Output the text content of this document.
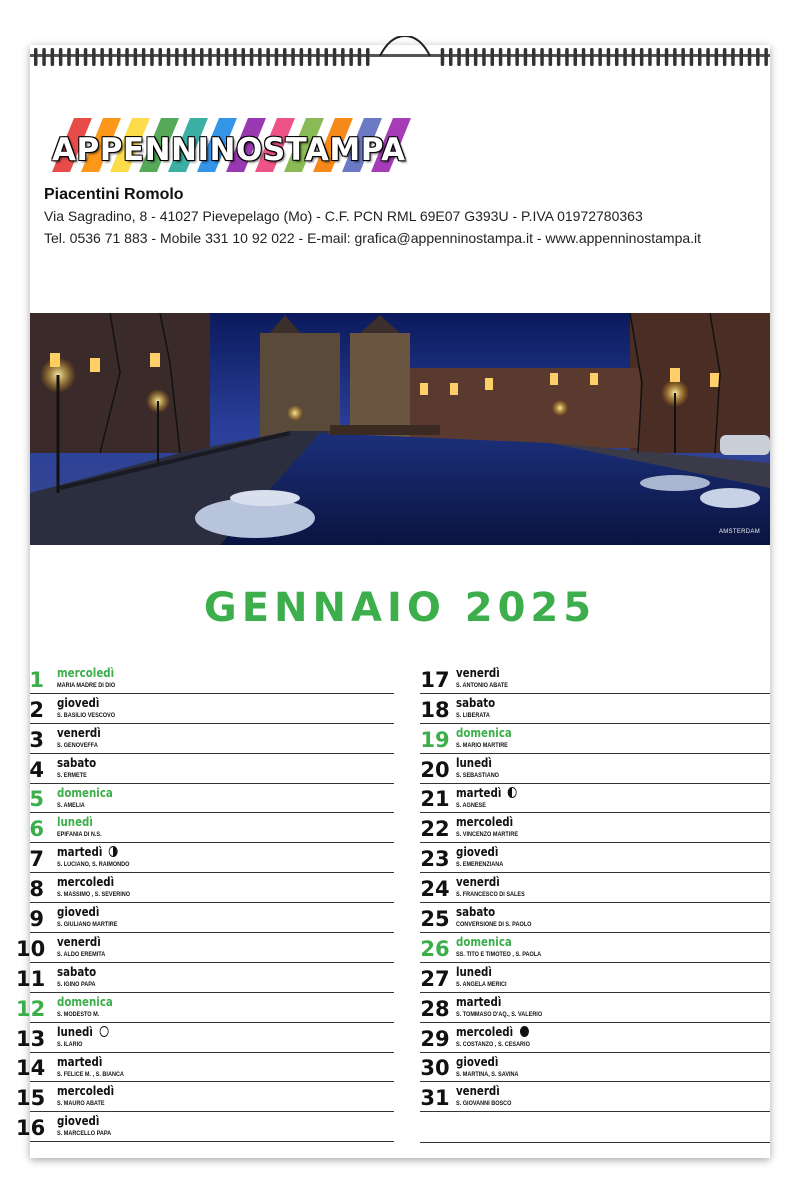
APPENNINOSTAMPA
Piacentini Romolo
Via Sagradino, 8 - 41027 Pievepelago (Mo) - C.F. PCN RML 69E07 G393U - P.IVA 01972780363
Tel. 0536 71 883 - Mobile 331 10 92 022 - E-mail: grafica@appenninostampa.it - www.appenninostampa.it
AMSTERDAM
GENNAIO 2025
1 mercoledì
MARIA MADRE DI DIO
2 giovedì
S. BASILIO VESCOVO
3 venerdì
S. GENOVEFFA
4 sabato
S. ERMETE
5 domenica
S. AMELIA
6 lunedì
EPIFANIA DI N.S.
7 martedì
S. LUCIANO, S. RAIMONDO
8 mercoledì
S. MASSIMO , S. SEVERINO
9 giovedì
S. GIULIANO MARTIRE
10 venerdì
S. ALDO EREMITA
11 sabato
S. IGINO PAPA
12 domenica
S. MODESTO M.
13 lunedì
S. ILARIO
14 martedì
S. FELICE M. , S. BIANCA
15 mercoledì
S. MAURO ABATE
16 giovedì
S. MARCELLO PAPA
17 venerdì
S. ANTONIO ABATE
18 sabato
S. LIBERATA
19 domenica
S. MARIO MARTIRE
20 lunedì
S. SEBASTIANO
21 martedì
S. AGNESE
22 mercoledì
S. VINCENZO MARTIRE
23 giovedì
S. EMERENZIANA
24 venerdì
S. FRANCESCO DI SALES
25 sabato
CONVERSIONE DI S. PAOLO
26 domenica
SS. TITO E TIMOTEO , S. PAOLA
27 lunedì
S. ANGELA MERICI
28 martedì
S. TOMMASO D'AQ., S. VALERIO
29 mercoledì
S. COSTANZO , S. CESARIO
30 giovedì
S. MARTINA, S. SAVINA
31 venerdì
S. GIOVANNI BOSCO
